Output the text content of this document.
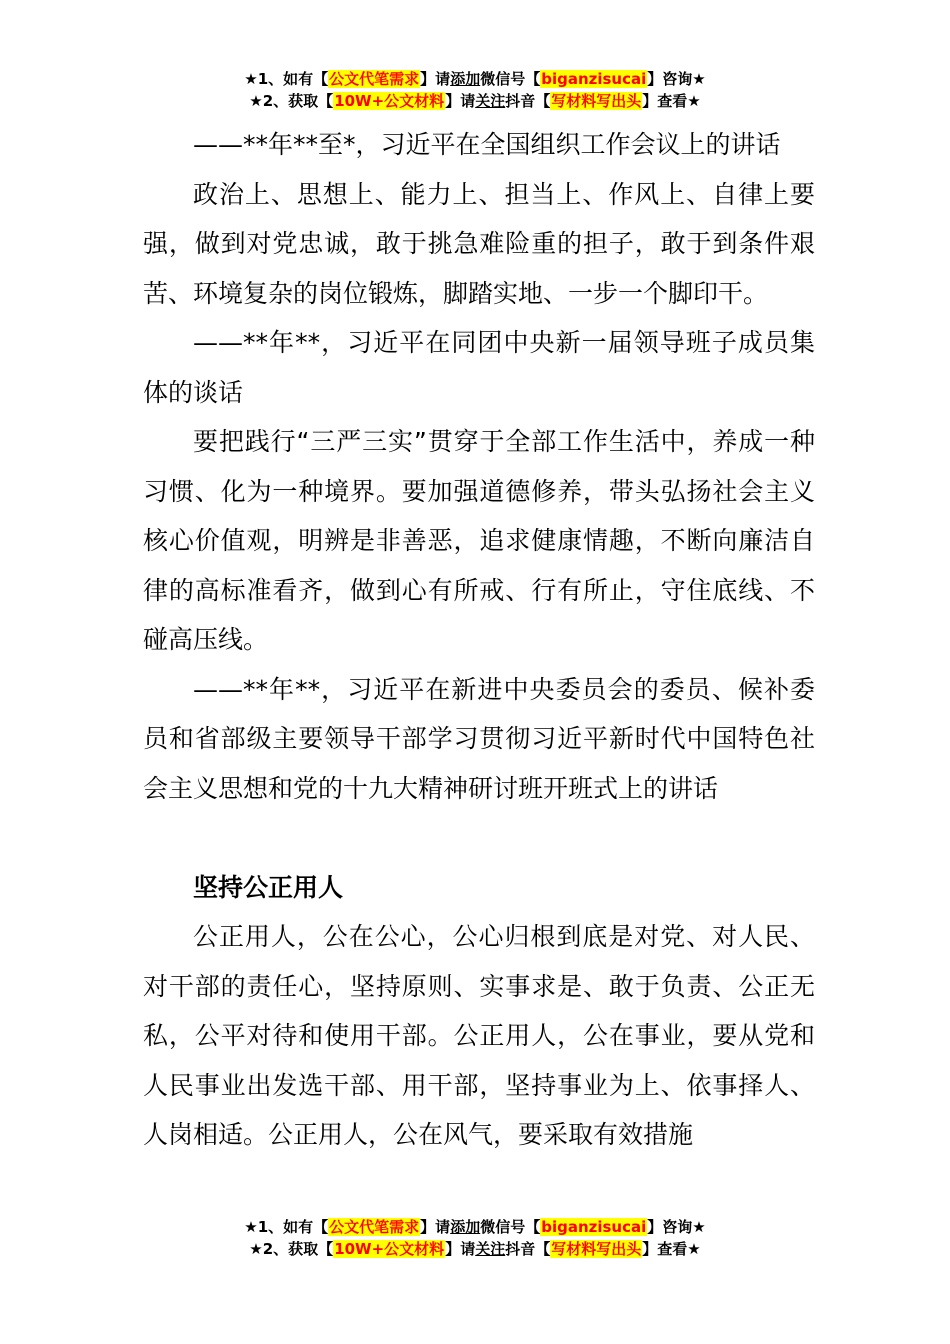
★1、如有【公文代笔需求】请添加微信号【biganzisucai】咨询★
★2、获取【10W+公文材料】请关注抖音【写材料写出头】查看★

——**年**至*，习近平在全国组织工作会议上的讲话

政治上、思想上、能力上、担当上、作风上、自律上要强，做到对党忠诚，敢于挑急难险重的担子，敢于到条件艰苦、环境复杂的岗位锻炼，脚踏实地、一步一个脚印干。

——**年**，习近平在同团中央新一届领导班子成员集体的谈话

要把践行“三严三实”贯穿于全部工作生活中，养成一种习惯、化为一种境界。要加强道德修养，带头弘扬社会主义核心价值观，明辨是非善恶，追求健康情趣，不断向廉洁自律的高标准看齐，做到心有所戒、行有所止，守住底线、不碰高压线。

——**年**，习近平在新进中央委员会的委员、候补委员和省部级主要领导干部学习贯彻习近平新时代中国特色社会主义思想和党的十九大精神研讨班开班式上的讲话

坚持公正用人

公正用人，公在公心，公心归根到底是对党、对人民、对干部的责任心，坚持原则、实事求是、敢于负责、公正无私，公平对待和使用干部。公正用人，公在事业，要从党和人民事业出发选干部、用干部，坚持事业为上、依事择人、人岗相适。公正用人，公在风气，要采取有效措施

★1、如有【公文代笔需求】请添加微信号【biganzisucai】咨询★
★2、获取【10W+公文材料】请关注抖音【写材料写出头】查看★
